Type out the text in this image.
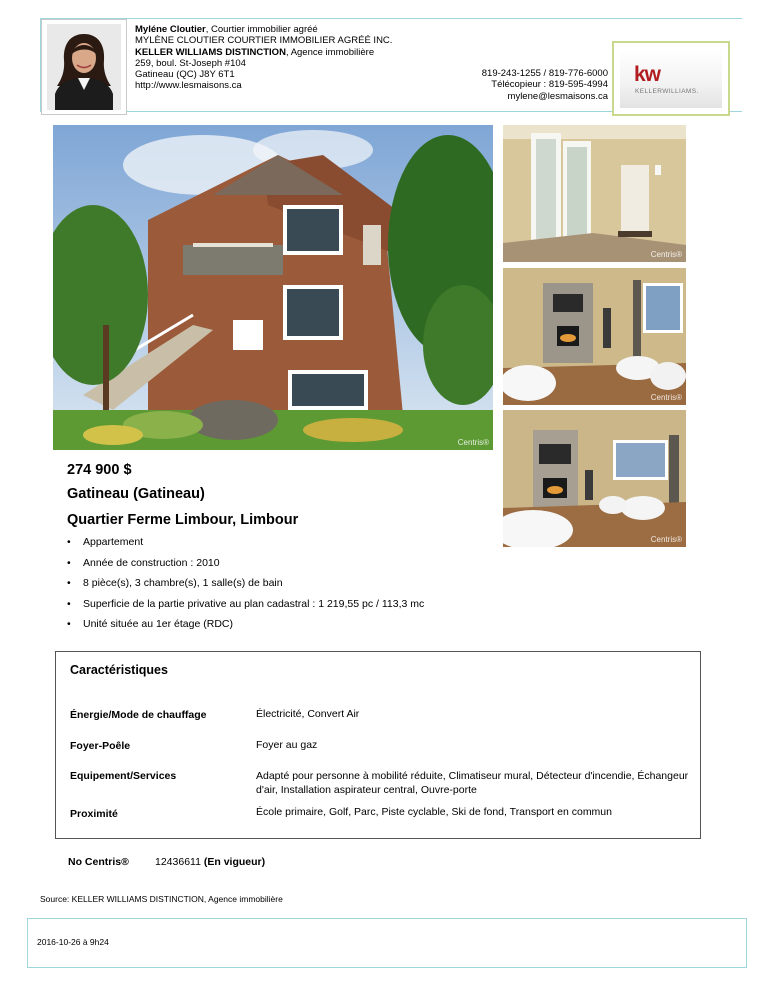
Myléne Cloutier, Courtier immobilier agréé
MYLÈNE CLOUTIER COURTIER IMMOBILIER AGRÉÉ INC.
KELLER WILLIAMS DISTINCTION, Agence immobilière
259, boul. St-Joseph #104
Gatineau (QC) J8Y 6T1
http://www.lesmaisons.ca
819-243-1255 / 819-776-6000
Télécopieur : 819-595-4994
mylene@lesmaisons.ca
kw
KELLERWILLIAMS.
Centris®
Centris®
Centris®
Centris®
274 900 $
Gatineau (Gatineau)
Quartier Ferme Limbour, Limbour
• Appartement
• Année de construction : 2010
• 8 pièce(s), 3 chambre(s), 1 salle(s) de bain
• Superficie de la partie privative au plan cadastral : 1 219,55 pc / 113,3 mc
• Unité située au 1er étage (RDC)
Caractéristiques
Énergie/Mode de chauffage	Électricité, Convert Air
Foyer-Poêle	Foyer au gaz
Equipement/Services	Adapté pour personne à mobilité réduite, Climatiseur mural, Détecteur d'incendie, Échangeur d'air, Installation aspirateur central, Ouvre-porte
Proximité	École primaire, Golf, Parc, Piste cyclable, Ski de fond, Transport en commun
No Centris® 12436611 (En vigueur)
Source: KELLER WILLIAMS DISTINCTION, Agence immobilière
2016-10-26 à 9h24
